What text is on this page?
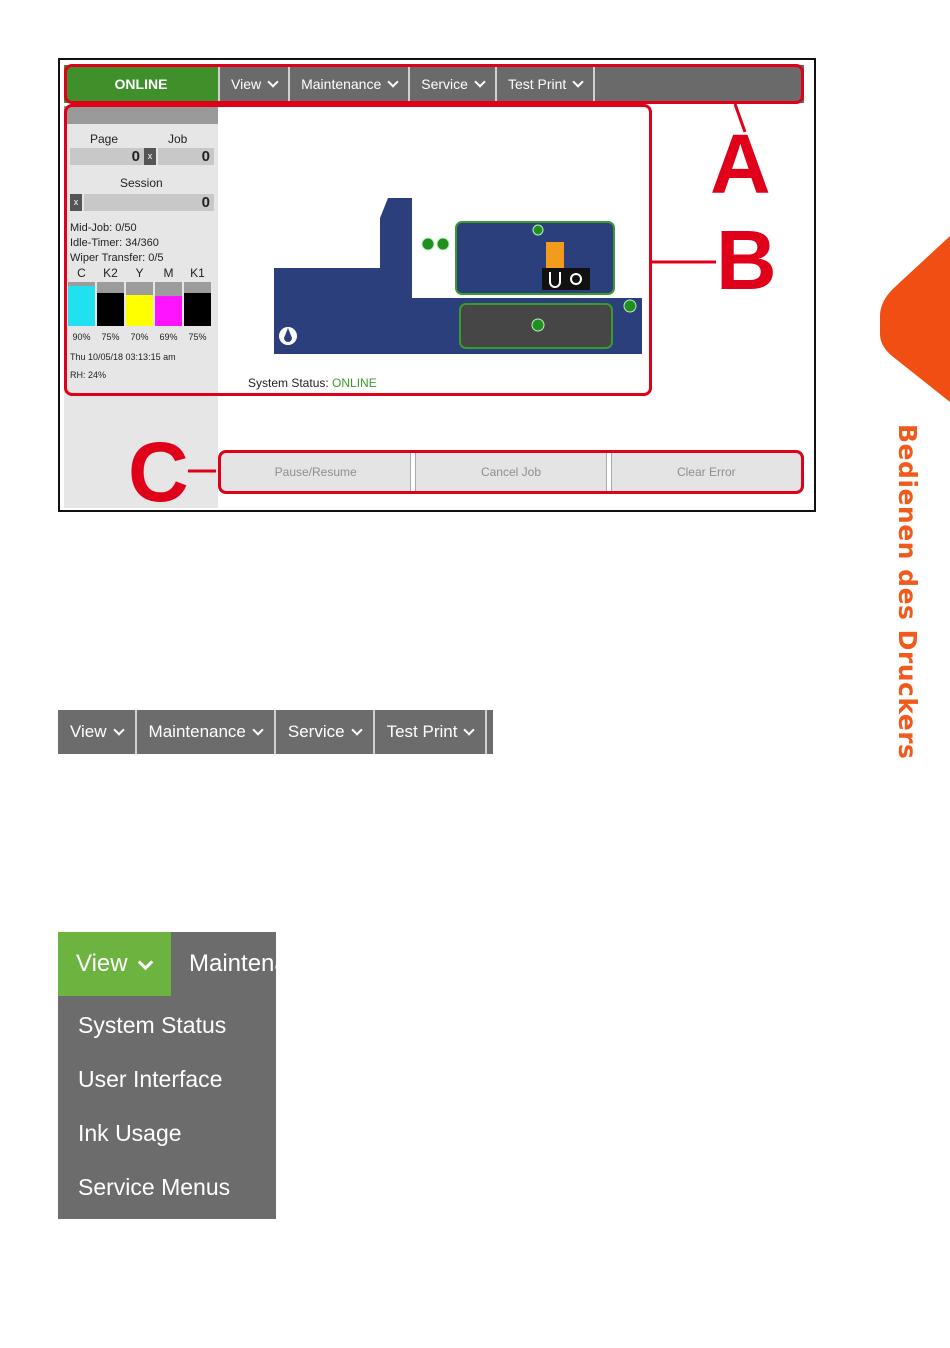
ONLINE	View	Maintenance	Service	Test Print
Page	Job
0 x	0
Session
x	0
Mid-Job: 0/50
Idle-Timer: 34/360
Wiper Transfer: 0/5
C	K2	Y	M	K1
90%	75%	70%	69%	75%
Thu 10/05/18 03:13:15 am
RH: 24%
System Status: ONLINE
Pause/Resume	Cancel Job	Clear Error
A
B
C	Bedienen des Druckers
View Maintenance Service Test Print
View	Maintena
System Status
User Interface
Ink Usage
Service Menus
